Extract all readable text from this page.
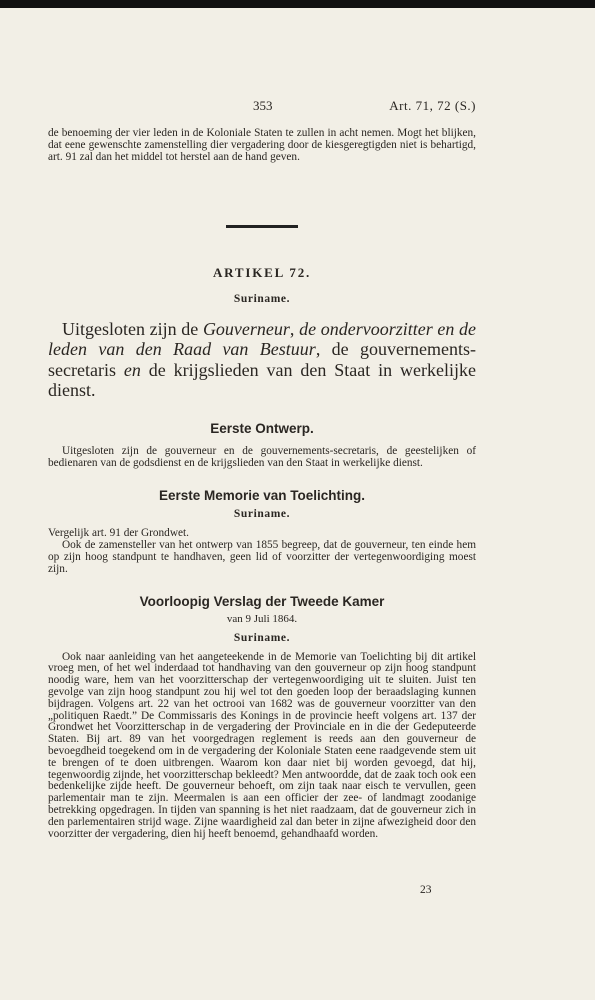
353	Art. 71, 72 (S.)

de benoeming der vier leden in de Koloniale Staten te zullen in acht nemen. Mogt het blijken, dat eene gewenschte zamenstelling dier vergadering door de kiesgeregtigden niet is behartigd, art. 91 zal dan het middel tot herstel aan de hand geven.

ARTIKEL 72.
Suriname.

Uitgesloten zijn de Gouverneur, de ondervoorzitter en de leden van den Raad van Bestuur, de gouvernements-secretaris en de krijgslieden van den Staat in werkelijke dienst.

Eerste Ontwerp.

Uitgesloten zijn de gouverneur en de gouvernements-secretaris, de geestelijken of bedienaren van de godsdienst en de krijgslieden van den Staat in werkelijke dienst.

Eerste Memorie van Toelichting.
Suriname.

Vergelijk art. 91 der Grondwet.

Ook de zamensteller van het ontwerp van 1855 begreep, dat de gouverneur, ten einde hem op zijn hoog standpunt te handhaven, geen lid of voorzitter der vertegenwoordiging moest zijn.

Voorloopig Verslag der Tweede Kamer
van 9 Juli 1864.
Suriname.

Ook naar aanleiding van het aangeteekende in de Memorie van Toelichting bij dit artikel vroeg men, of het wel inderdaad tot handhaving van den gouverneur op zijn hoog standpunt noodig ware, hem van het voorzitterschap der vertegenwoordiging uit te sluiten. Juist ten gevolge van zijn hoog standpunt zou hij wel tot den goeden loop der beraadslaging kunnen bijdragen. Volgens art. 22 van het octrooi van 1682 was de gouverneur voorzitter van den „politiquen Raedt.” De Commissaris des Konings in de provincie heeft volgens art. 137 der Grondwet het Voorzitterschap in de vergadering der Provinciale en in die der Gedeputeerde Staten. Bij art. 89 van het voorgedragen reglement is reeds aan den gouverneur de bevoegdheid toegekend om in de vergadering der Koloniale Staten eene raadgevende stem uit te brengen of te doen uitbrengen. Waarom kon daar niet bij worden gevoegd, dat hij, tegenwoordig zijnde, het voorzitterschap bekleedt? Men antwoordde, dat de zaak toch ook een bedenkelijke zijde heeft. De gouverneur behoeft, om zijn taak naar eisch te vervullen, geen parlementair man te zijn. Meermalen is aan een officier der zee- of landmagt zoodanige betrekking opgedragen. In tijden van spanning is het niet raadzaam, dat de gouverneur zich in den parlementairen strijd wage. Zijne waardigheid zal dan beter in zijne afwezigheid door den voorzitter der vergadering, dien hij heeft benoemd, gehandhaafd worden.

23
